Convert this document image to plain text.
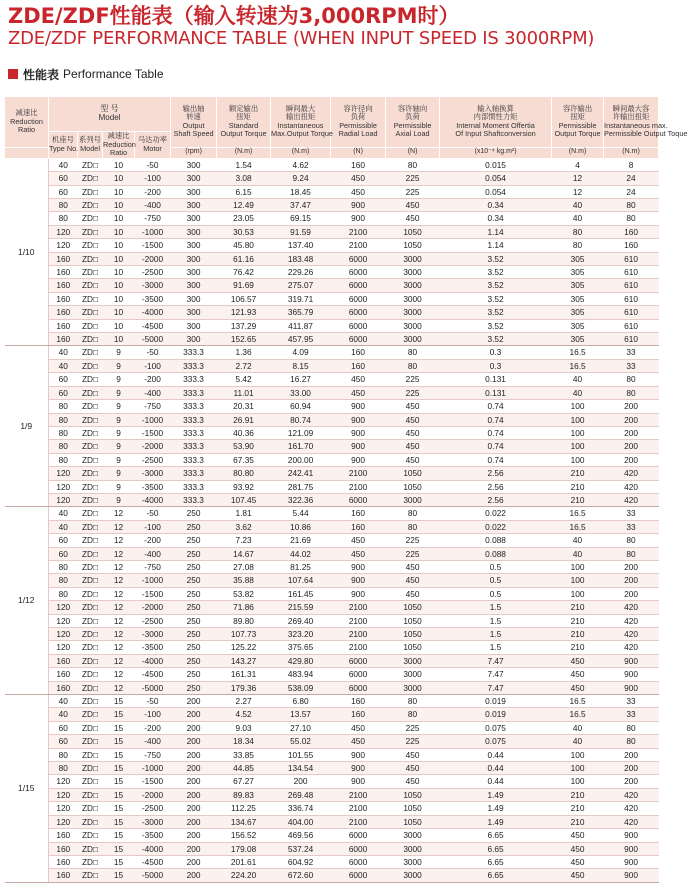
ZDE/ZDF性能表（输入转速为3,000RPM时）
ZDE/ZDF PERFORMANCE TABLE (WHEN INPUT SPEED IS 3000RPM)
性能表 Performance Table
减速比
Reduction
Ratio	型 号
Model				输出轴
转速
Output
Shaft Speed	额定输出
扭矩
Standard
Output Torque	瞬间最大
输出扭矩
Instantaneous
Max.Output Torque	容许径向
负荷
Permissible
Radial Load	容许轴向
负荷
Permissible
Axial Load	输入轴换算
内部惯性力矩
Internal Moment Offertia
Of Input Shaftconversion	容许输出
扭矩
Permissible
Output Torque	瞬间最大容
许输出扭矩
Instantaneous max.
Permissible Output Toque
	机座号
Type No.	系列号
Model	减速比
Reduction
Ratio	马达功率
Motor								
					(rpm)	(N.m)	(N.m)	(N)	(N)	(x10⁻⁴ kg.m²)	(N.m)	(N.m)
1/10	40	ZD□	10	-50	300	1.54	4.62	160	80	0.015	4	8
	60	ZD□	10	-100	300	3.08	9.24	450	225	0.054	12	24
	60	ZD□	10	-200	300	6.15	18.45	450	225	0.054	12	24
	80	ZD□	10	-400	300	12.49	37.47	900	450	0.34	40	80
	80	ZD□	10	-750	300	23.05	69.15	900	450	0.34	40	80
	120	ZD□	10	-1000	300	30.53	91.59	2100	1050	1.14	80	160
	120	ZD□	10	-1500	300	45.80	137.40	2100	1050	1.14	80	160
	160	ZD□	10	-2000	300	61.16	183.48	6000	3000	3.52	305	610
	160	ZD□	10	-2500	300	76.42	229.26	6000	3000	3.52	305	610
	160	ZD□	10	-3000	300	91.69	275.07	6000	3000	3.52	305	610
	160	ZD□	10	-3500	300	106.57	319.71	6000	3000	3.52	305	610
	160	ZD□	10	-4000	300	121.93	365.79	6000	3000	3.52	305	610
	160	ZD□	10	-4500	300	137.29	411.87	6000	3000	3.52	305	610
	160	ZD□	10	-5000	300	152.65	457.95	6000	3000	3.52	305	610
1/9	40	ZD□	9	-50	333.3	1.36	4.09	160	80	0.3	16.5	33
	40	ZD□	9	-100	333.3	2.72	8.15	160	80	0.3	16.5	33
	60	ZD□	9	-200	333.3	5.42	16.27	450	225	0.131	40	80
	60	ZD□	9	-400	333.3	11.01	33.00	450	225	0.131	40	80
	80	ZD□	9	-750	333.3	20.31	60.94	900	450	0.74	100	200
	80	ZD□	9	-1000	333.3	26.91	80.74	900	450	0.74	100	200
	80	ZD□	9	-1500	333.3	40.36	121.09	900	450	0.74	100	200
	80	ZD□	9	-2000	333.3	53.90	161.70	900	450	0.74	100	200
	80	ZD□	9	-2500	333.3	67.35	200.00	900	450	0.74	100	200
	120	ZD□	9	-3000	333.3	80.80	242.41	2100	1050	2.56	210	420
	120	ZD□	9	-3500	333.3	93.92	281.75	2100	1050	2.56	210	420
	120	ZD□	9	-4000	333.3	107.45	322.36	6000	3000	2.56	210	420
1/12	40	ZD□	12	-50	250	1.81	5.44	160	80	0.022	16.5	33
	40	ZD□	12	-100	250	3.62	10.86	160	80	0.022	16.5	33
	60	ZD□	12	-200	250	7.23	21.69	450	225	0.088	40	80
	60	ZD□	12	-400	250	14.67	44.02	450	225	0.088	40	80
	80	ZD□	12	-750	250	27.08	81.25	900	450	0.5	100	200
	80	ZD□	12	-1000	250	35.88	107.64	900	450	0.5	100	200
	80	ZD□	12	-1500	250	53.82	161.45	900	450	0.5	100	200
	120	ZD□	12	-2000	250	71.86	215.59	2100	1050	1.5	210	420
	120	ZD□	12	-2500	250	89.80	269.40	2100	1050	1.5	210	420
	120	ZD□	12	-3000	250	107.73	323.20	2100	1050	1.5	210	420
	120	ZD□	12	-3500	250	125.22	375.65	2100	1050	1.5	210	420
	160	ZD□	12	-4000	250	143.27	429.80	6000	3000	7.47	450	900
	160	ZD□	12	-4500	250	161.31	483.94	6000	3000	7.47	450	900
	160	ZD□	12	-5000	250	179.36	538.09	6000	3000	7.47	450	900
1/15	40	ZD□	15	-50	200	2.27	6.80	160	80	0.019	16.5	33
	40	ZD□	15	-100	200	4.52	13.57	160	80	0.019	16.5	33
	60	ZD□	15	-200	200	9.03	27.10	450	225	0.075	40	80
	60	ZD□	15	-400	200	18.34	55.02	450	225	0.075	40	80
	80	ZD□	15	-750	200	33.85	101.55	900	450	0.44	100	200
	80	ZD□	15	-1000	200	44.85	134.54	900	450	0.44	100	200
	120	ZD□	15	-1500	200	67.27	200	900	450	0.44	100	200
	120	ZD□	15	-2000	200	89.83	269.48	2100	1050	1.49	210	420
	120	ZD□	15	-2500	200	112.25	336.74	2100	1050	1.49	210	420
	120	ZD□	15	-3000	200	134.67	404.00	2100	1050	1.49	210	420
	160	ZD□	15	-3500	200	156.52	469.56	6000	3000	6.65	450	900
	160	ZD□	15	-4000	200	179.08	537.24	6000	3000	6.65	450	900
	160	ZD□	15	-4500	200	201.61	604.92	6000	3000	6.65	450	900
	160	ZD□	15	-5000	200	224.20	672.60	6000	3000	6.65	450	900
